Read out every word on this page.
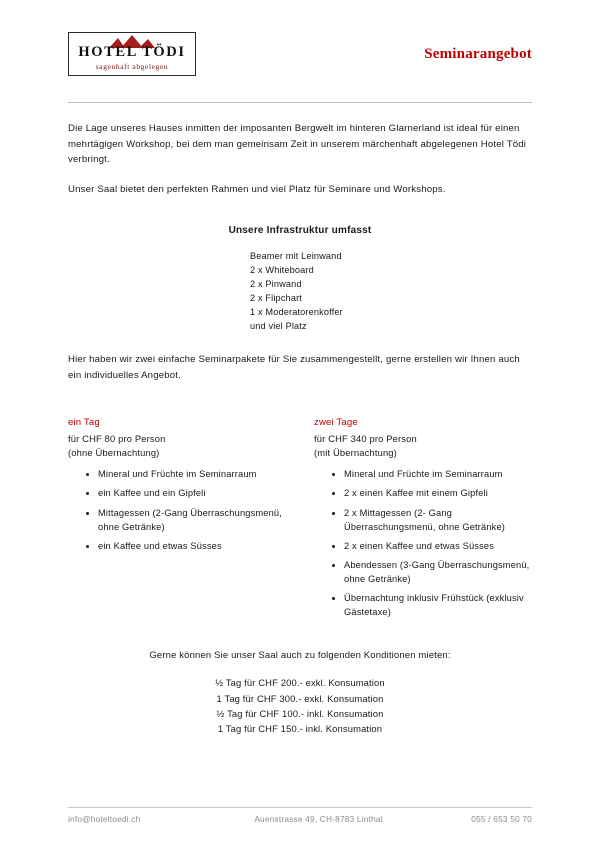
HOTEL TÖDI
sagenhaft abgelegen
Seminarangebot

Die Lage unseres Hauses inmitten der imposanten Bergwelt im hinteren Glarnerland ist ideal für einen mehrtägigen Workshop, bei dem man gemeinsam Zeit in unserem märchenhaft abgelegenen Hotel Tödi verbringt.

Unser Saal bietet den perfekten Rahmen und viel Platz für Seminare und Workshops.

Unsere Infrastruktur umfasst
Beamer mit Leinwand
2 x Whiteboard
2 x Pinwand
2 x Flipchart
1 x Moderatorenkoffer
und viel Platz

Hier haben wir zwei einfache Seminarpakete für Sie zusammengestellt, gerne erstellen wir Ihnen auch ein individuelles Angebot.

ein Tag
für CHF 80 pro Person
(ohne Übernachtung)
• Mineral und Früchte im Seminarraum
• ein Kaffee und ein Gipfeli
• Mittagessen (2-Gang Überraschungsmenü, ohne Getränke)
• ein Kaffee und etwas Süsses
zwei Tage
für CHF 340 pro Person
(mit Übernachtung)
• Mineral und Früchte im Seminarraum
• 2 x einen Kaffee mit einem Gipfeli
• 2 x Mittagessen (2- Gang Überraschungsmenü, ohne Getränke)
• 2 x einen Kaffee und etwas Süsses
• Abendessen (3-Gang Überraschungsmenü, ohne Getränke)
• Übernachtung inklusiv Frühstück (exklusiv Gästetaxe)
Gerne können Sie unser Saal auch zu folgenden Konditionen mieten:
½ Tag für CHF 200.- exkl. Konsumation
1 Tag für CHF 300.- exkl. Konsumation
½ Tag für CHF 100.- inkl. Konsumation
1 Tag für CHF 150.- inkl. Konsumation
info@hoteltoedi.ch	Auenstrasse 49, CH-8783 Linthal	055 / 653 50 70
